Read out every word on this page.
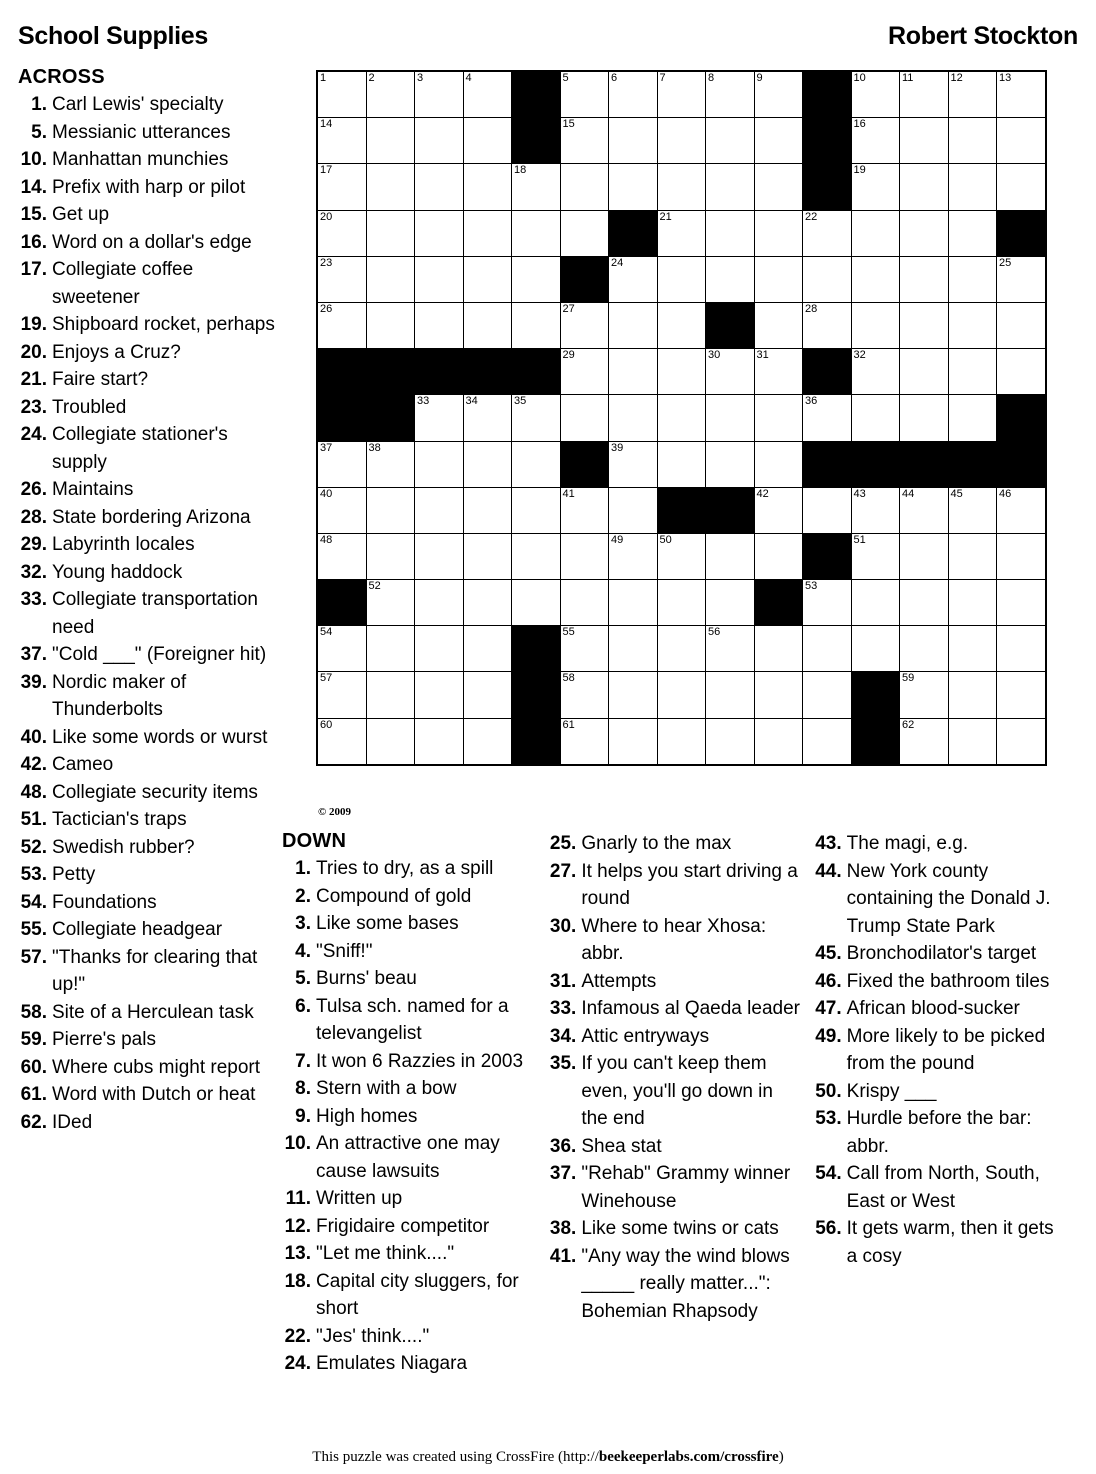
School Supplies	Robert Stockton
ACROSS
1. Carl Lewis' specialty
5. Messianic utterances
10. Manhattan munchies
14. Prefix with harp or pilot
15. Get up
16. Word on a dollar's edge
17. Collegiate coffee sweetener
19. Shipboard rocket, perhaps
20. Enjoys a Cruz?
21. Faire start?
23. Troubled
24. Collegiate stationer's supply
26. Maintains
28. State bordering Arizona
29. Labyrinth locales
32. Young haddock
33. Collegiate transportation need
37. "Cold ___" (Foreigner hit)
39. Nordic maker of Thunderbolts
40. Like some words or wurst
42. Cameo
48. Collegiate security items
51. Tactician's traps
52. Swedish rubber?
53. Petty
54. Foundations
55. Collegiate headgear
57. "Thanks for clearing that up!"
58. Site of a Herculean task
59. Pierre's pals
60. Where cubs might report
61. Word with Dutch or heat
62. IDed
1	2	3	4		5	6	7	8	9		10	11	12	13

14					15						16			

17				18							19			

20							21			22				

23						24								25

26					27					28				

					29			30	31		32			

		33	34	35						36				

37	38					39								

40					41				42		43	44	45	46

48						49	50				51			

	52									53				

54					55			56						

57					58							59		

60					61							62		

© 2009
DOWN
1. Tries to dry, as a spill
2. Compound of gold
3. Like some bases
4. "Sniff!"
5. Burns' beau
6. Tulsa sch. named for a televangelist
7. It won 6 Razzies in 2003
8. Stern with a bow
9. High homes
10. An attractive one may cause lawsuits
11. Written up
12. Frigidaire competitor
13. "Let me think...."
18. Capital city sluggers, for short
22. "Jes' think...."
24. Emulates Niagara
25. Gnarly to the max
27. It helps you start driving a round
30. Where to hear Xhosa: abbr.
31. Attempts
33. Infamous al Qaeda leader
34. Attic entryways
35. If you can't keep them even, you'll go down in the end
36. Shea stat
37. "Rehab" Grammy winner Winehouse
38. Like some twins or cats
41. "Any way the wind blows _____ really matter...": Bohemian Rhapsody
43. The magi, e.g.
44. New York county containing the Donald J. Trump State Park
45. Bronchodilator's target
46. Fixed the bathroom tiles
47. African blood-sucker
49. More likely to be picked from the pound
50. Krispy ___
53. Hurdle before the bar: abbr.
54. Call from North, South, East or West
56. It gets warm, then it gets a cosy
This puzzle was created using CrossFire (http://beekeeperlabs.com/crossfire)
